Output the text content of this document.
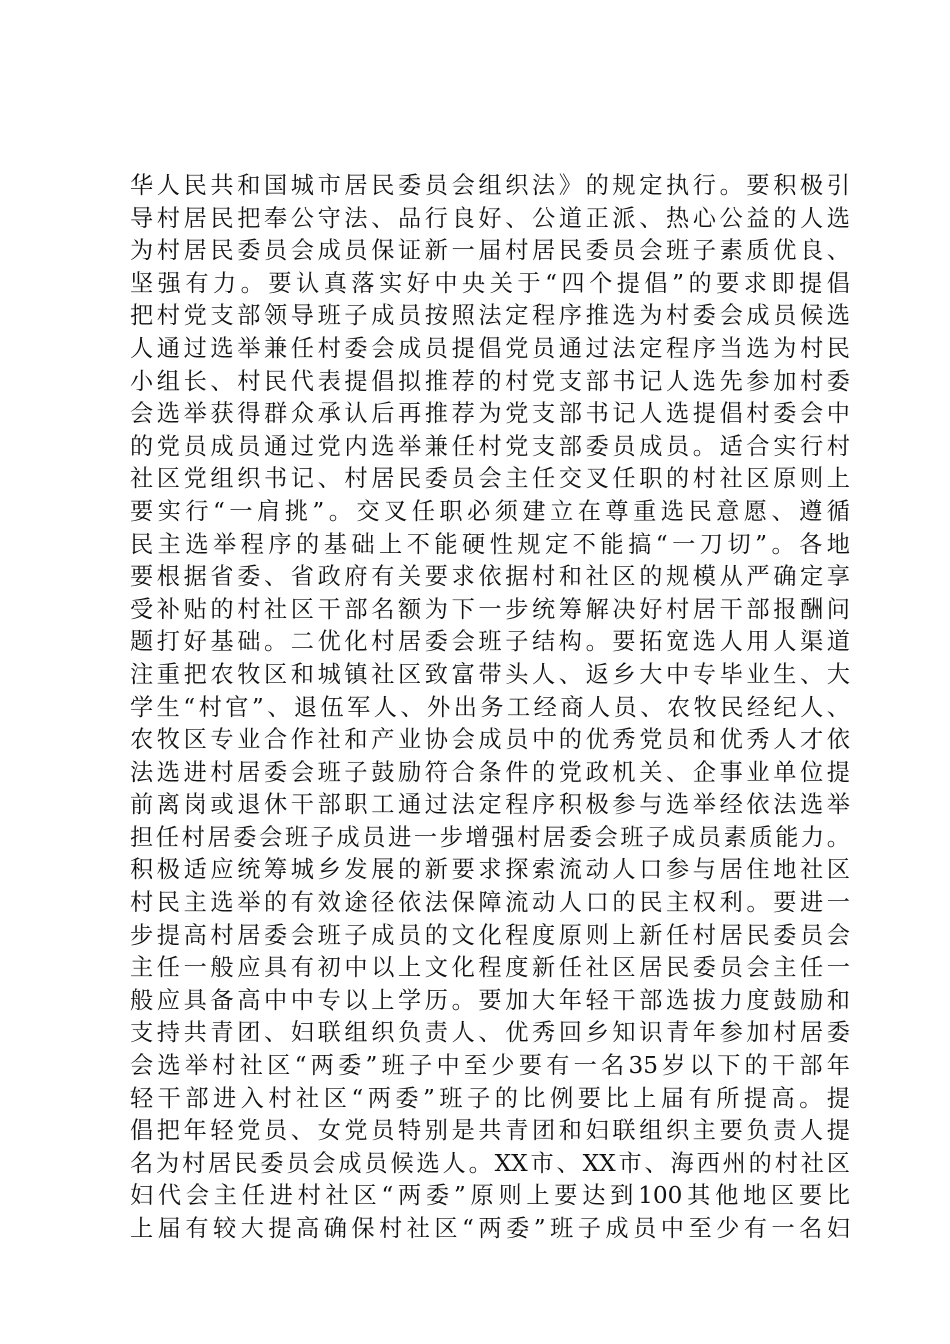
华人民共和国城市居民委员会组织法》的规定执行。要积极引
导村居民把奉公守法、品行良好、公道正派、热心公益的人选
为村居民委员会成员保证新一届村居民委员会班子素质优良、
坚强有力。要认真落实好中央关于“四个提倡”的要求即提倡
把村党支部领导班子成员按照法定程序推选为村委会成员候选
人通过选举兼任村委会成员提倡党员通过法定程序当选为村民
小组长、村民代表提倡拟推荐的村党支部书记人选先参加村委
会选举获得群众承认后再推荐为党支部书记人选提倡村委会中
的党员成员通过党内选举兼任村党支部委员成员。适合实行村
社区党组织书记、村居民委员会主任交叉任职的村社区原则上
要实行“一肩挑”。交叉任职必须建立在尊重选民意愿、遵循
民主选举程序的基础上不能硬性规定不能搞“一刀切”。各地
要根据省委、省政府有关要求依据村和社区的规模从严确定享
受补贴的村社区干部名额为下一步统筹解决好村居干部报酬问
题打好基础。二优化村居委会班子结构。要拓宽选人用人渠道
注重把农牧区和城镇社区致富带头人、返乡大中专毕业生、大
学生“村官”、退伍军人、外出务工经商人员、农牧民经纪人、
农牧区专业合作社和产业协会成员中的优秀党员和优秀人才依
法选进村居委会班子鼓励符合条件的党政机关、企事业单位提
前离岗或退休干部职工通过法定程序积极参与选举经依法选举
担任村居委会班子成员进一步增强村居委会班子成员素质能力。
积极适应统筹城乡发展的新要求探索流动人口参与居住地社区
村民主选举的有效途径依法保障流动人口的民主权利。要进一
步提高村居委会班子成员的文化程度原则上新任村居民委员会
主任一般应具有初中以上文化程度新任社区居民委员会主任一
般应具备高中中专以上学历。要加大年轻干部选拔力度鼓励和
支持共青团、妇联组织负责人、优秀回乡知识青年参加村居委
会选举村社区“两委”班子中至少要有一名35岁以下的干部年
轻干部进入村社区“两委”班子的比例要比上届有所提高。提
倡把年轻党员、女党员特别是共青团和妇联组织主要负责人提
名为村居民委员会成员候选人。XX市、XX市、海西州的村社区
妇代会主任进村社区“两委”原则上要达到100其他地区要比
上届有较大提高确保村社区“两委”班子成员中至少有一名妇
